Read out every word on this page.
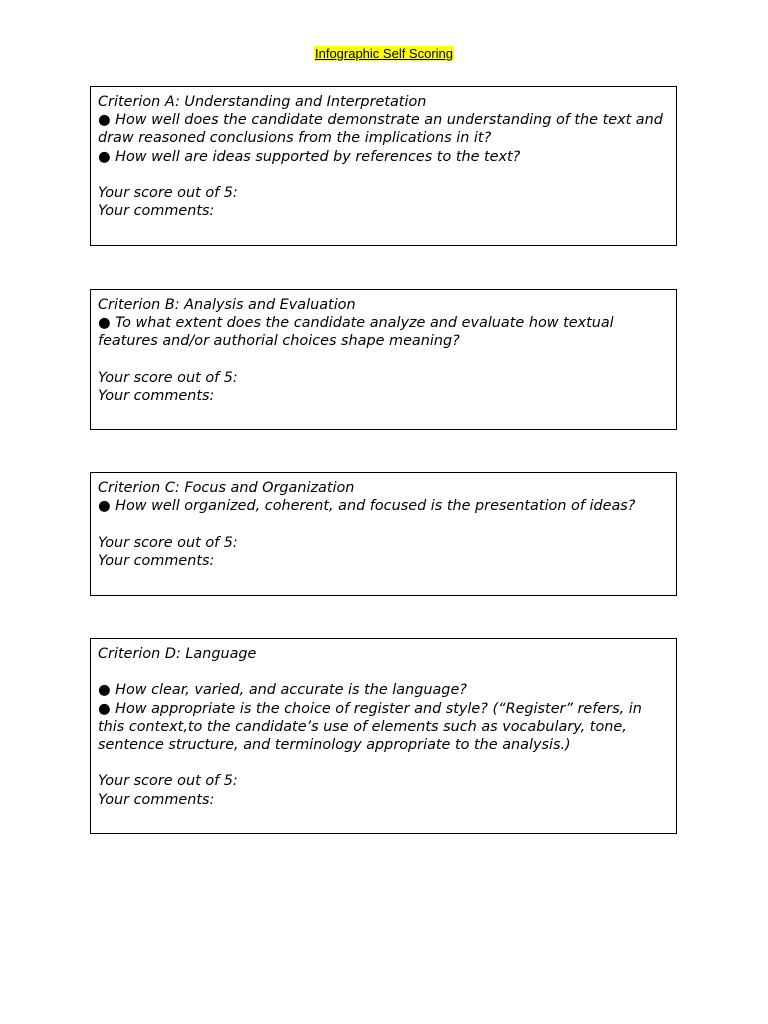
Infographic Self Scoring
Criterion A: Understanding and Interpretation
● How well does the candidate demonstrate an understanding of the text and draw reasoned conclusions from the implications in it?
● How well are ideas supported by references to the text?
Your score out of 5:
Your comments:
Criterion B: Analysis and Evaluation
● To what extent does the candidate analyze and evaluate how textual features and/or authorial choices shape meaning?
Your score out of 5:
Your comments:
Criterion C: Focus and Organization
● How well organized, coherent, and focused is the presentation of ideas?
Your score out of 5:
Your comments:
Criterion D: Language
● How clear, varied, and accurate is the language?
● How appropriate is the choice of register and style? (“Register” refers, in this context,to the candidate’s use of elements such as vocabulary, tone, sentence structure, and terminology appropriate to the analysis.)
Your score out of 5:
Your comments:
